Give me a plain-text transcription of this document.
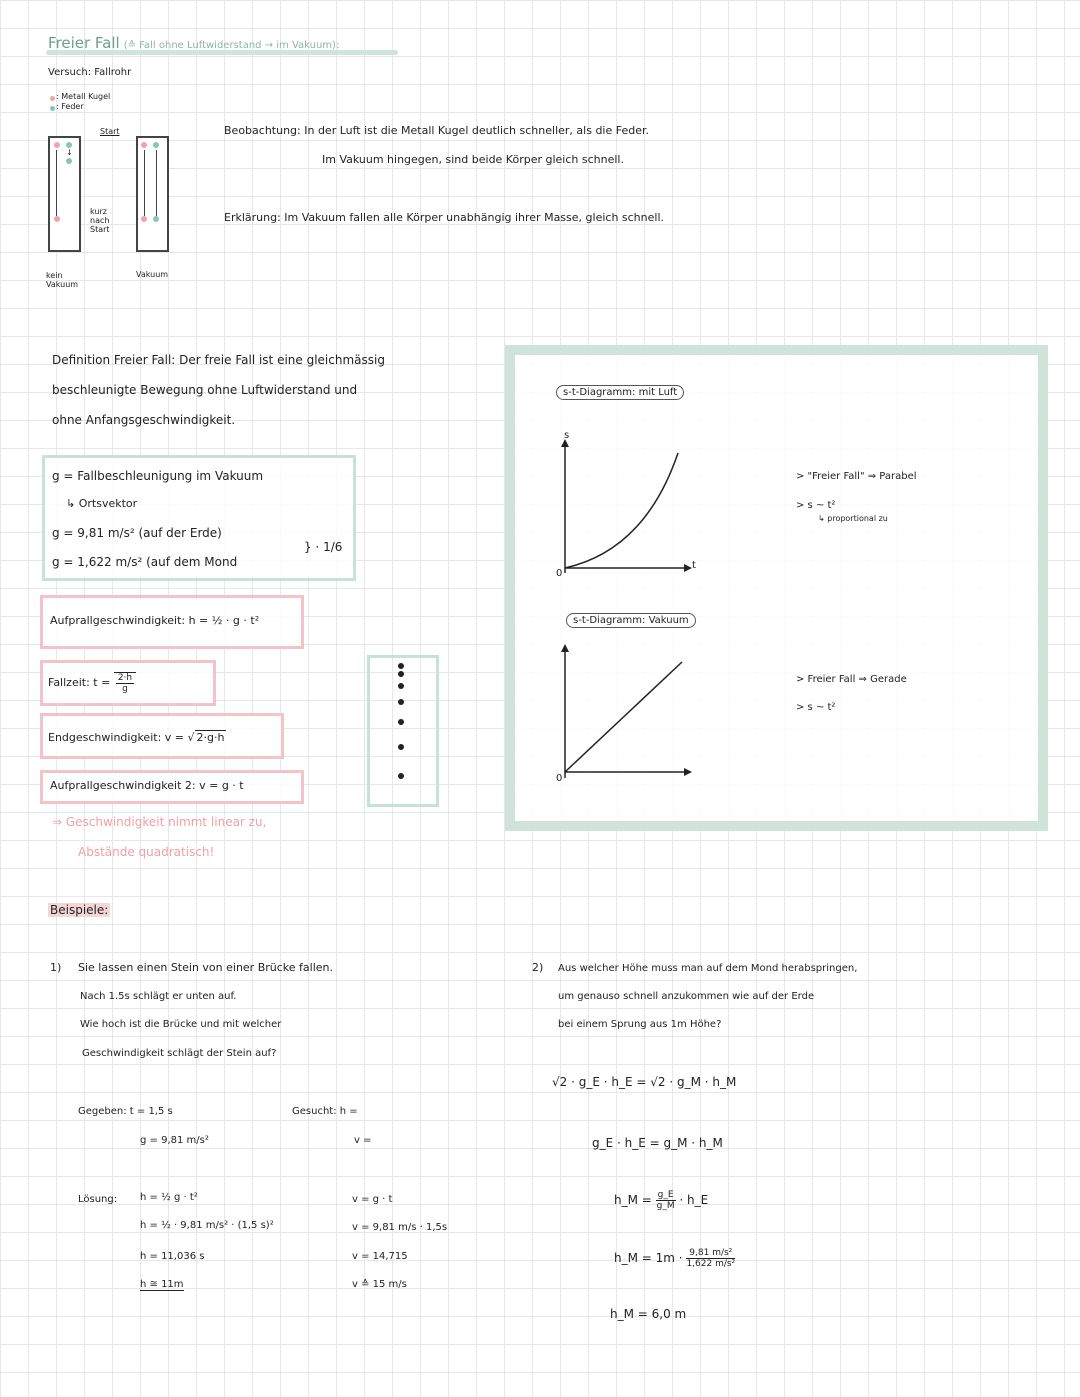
Freier Fall (≙ Fall ohne Luftwiderstand → im Vakuum):
Versuch: Fallrohr
: Metall Kugel
: Feder
Start
↓
kurz
nach
Start
kein
Vakuum
Vakuum
Beobachtung: In der Luft ist die Metall Kugel deutlich schneller, als die Feder.
Im Vakuum hingegen, sind beide Körper gleich schnell.
Erklärung: Im Vakuum fallen alle Körper unabhängig ihrer Masse, gleich schnell.
Definition Freier Fall: Der freie Fall ist eine gleichmässig
beschleunigte Bewegung ohne Luftwiderstand und
ohne Anfangsgeschwindigkeit.
g = Fallbeschleunigung im Vakuum
↳ Ortsvektor
g = 9,81 m/s² (auf der Erde)
g = 1,622 m/s² (auf dem Mond
} · 1/6
Aufprallgeschwindigkeit: h = ½ · g · t²
Fallzeit: $t = \frac{2\cdot h}{g}$
Endgeschwindigkeit: v = √ 2·g·h
Aufprallgeschwindigkeit 2: v = g · t
⇒ Geschwindigkeit nimmt linear zu,
Abstände quadratisch!
s-t-Diagramm: mit Luft
s
t
0
s-t-Diagramm: Vakuum
0
> "Freier Fall" ⇒ Parabel
> s ~ t²
↳ proportional zu
> Freier Fall ⇒ Gerade
> s ~ t²
Beispiele:
1) Sie lassen einen Stein von einer Brücke fallen.
Nach 1.5s schlägt er unten auf.
Wie hoch ist die Brücke und mit welcher
Geschwindigkeit schlägt der Stein auf?
Gegeben: t = 1,5 s
g = 9,81 m/s²
Gesucht: h =
v =
Lösung: h = ½ g · t²
h = ½ · 9,81 m/s² · (1,5 s)²
h = 11,036 s
h ≅ 11m
v = g · t
v = 9,81 m/s · 1,5s
v = 14,715
v ≙ 15 m/s
2) Aus welcher Höhe muss man auf dem Mond herabspringen,
um genauso schnell anzukommen wie auf der Erde
bei einem Sprung aus 1m Höhe?
√2 · g_E · h_E = √2 · g_M · h_M
g_E · h_E = g_M · h_M
h_M = $\frac{g\_E}{g\_M}$ · h_E
h_M = $1m \cdot \frac{\text{9,81 m/s²}}{\text{1,622 m/s²}}$
h_M = 6,0 m
